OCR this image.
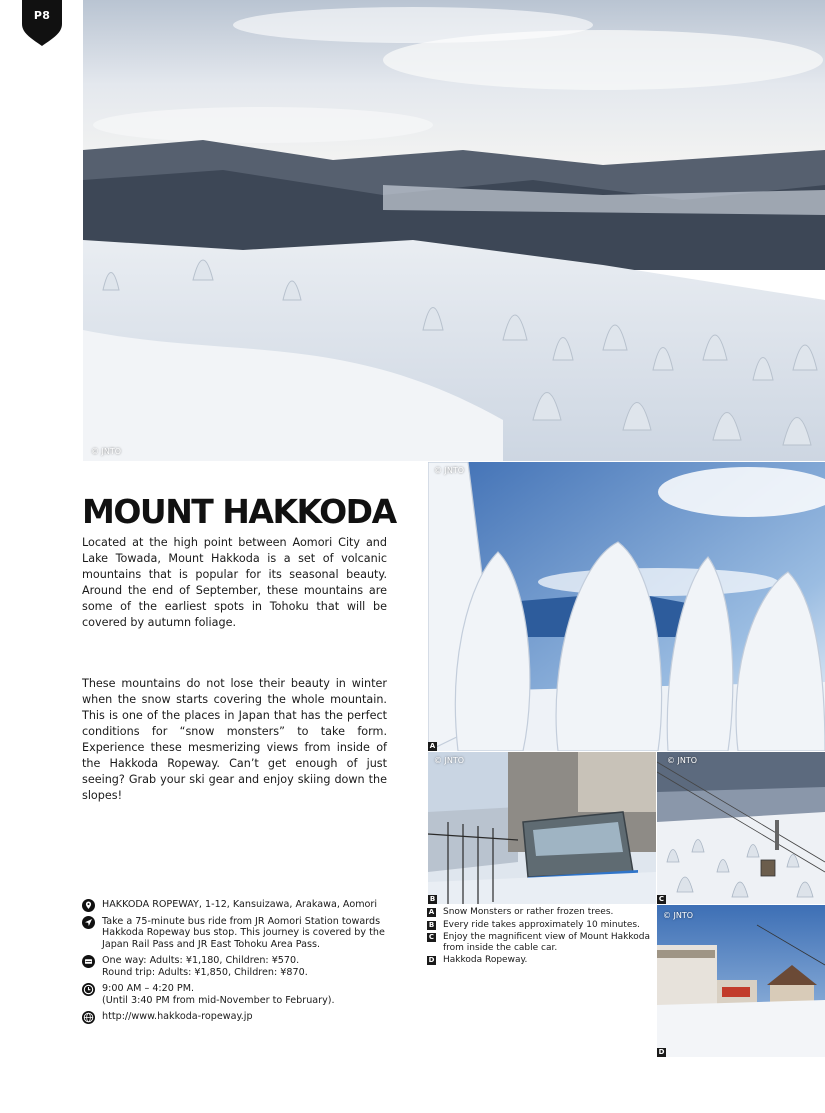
P8
© JNTO
© JNTO
A
© JNTO
B
© JNTO
C
© JNTO
D
MOUNT HAKKODA

Located at the high point between Aomori City and Lake Towada, Mount Hakkoda is a set of volcanic mountains that is popular for its seasonal beauty. Around the end of September, these mountains are some of the earliest spots in Tohoku that will be covered by autumn foliage.

These mountains do not lose their beauty in winter when the snow starts covering the whole mountain. This is one of the places in Japan that has the perfect conditions for “snow monsters” to take form. Experience these mesmerizing views from inside of the Hakkoda Ropeway. Can’t get enough of just seeing? Grab your ski gear and enjoy skiing down the slopes!

HAKKODA ROPEWAY, 1-12, Kansuizawa, Arakawa, Aomori
Take a 75-minute bus ride from JR Aomori Station towards Hakkoda Ropeway bus stop. This journey is covered by the Japan Rail Pass and JR East Tohoku Area Pass.
One way: Adults: ¥1,180, Children: ¥570.
Round trip: Adults: ¥1,850, Children: ¥870.
9:00 AM – 4:20 PM.
(Until 3:40 PM from mid-November to February).
http://www.hakkoda-ropeway.jp
A Snow Monsters or rather frozen trees.
B Every ride takes approximately 10 minutes.
C Enjoy the magnificent view of Mount Hakkoda from inside the cable car.
D Hakkoda Ropeway.
